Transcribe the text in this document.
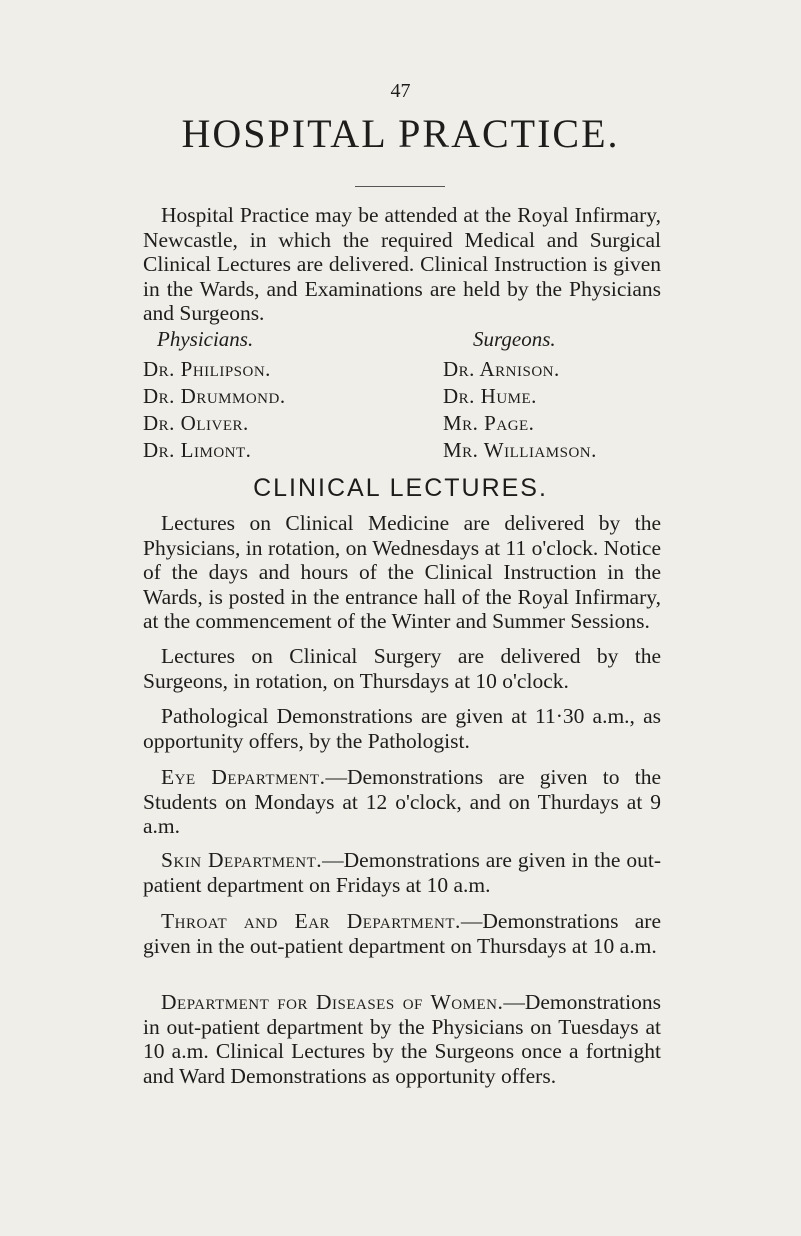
47
HOSPITAL PRACTICE.

Hospital Practice may be attended at the Royal Infirmary, Newcastle, in which the required Medical and Surgical Clinical Lectures are delivered. Clinical Instruction is given in the Wards, and Examinations are held by the Physicians and Surgeons.

Physicians.

Dr. Philipson.

Dr. Drummond.

Dr. Oliver.

Dr. Limont.

Surgeons.

Dr. Arnison.

Dr. Hume.

Mr. Page.

Mr. Williamson.

CLINICAL LECTURES.

Lectures on Clinical Medicine are delivered by the Physicians, in rotation, on Wednesdays at 11 o'clock. Notice of the days and hours of the Clinical Instruction in the Wards, is posted in the entrance hall of the Royal Infirmary, at the commencement of the Winter and Summer Sessions.

Lectures on Clinical Surgery are delivered by the Surgeons, in rotation, on Thursdays at 10 o'clock.

Pathological Demonstrations are given at 11·30 a.m., as opportunity offers, by the Pathologist.

Eye Department.—Demonstrations are given to the Students on Mondays at 12 o'clock, and on Thurdays at 9 a.m.

Skin Department.—Demonstrations are given in the out-patient department on Fridays at 10 a.m.

Throat and Ear Department.—Demonstrations are given in the out-patient department on Thursdays at 10 a.m.

Department for Diseases of Women.—Demonstrations in out-patient department by the Physicians on Tuesdays at 10 a.m. Clinical Lectures by the Surgeons once a fortnight and Ward Demonstrations as opportunity offers.
